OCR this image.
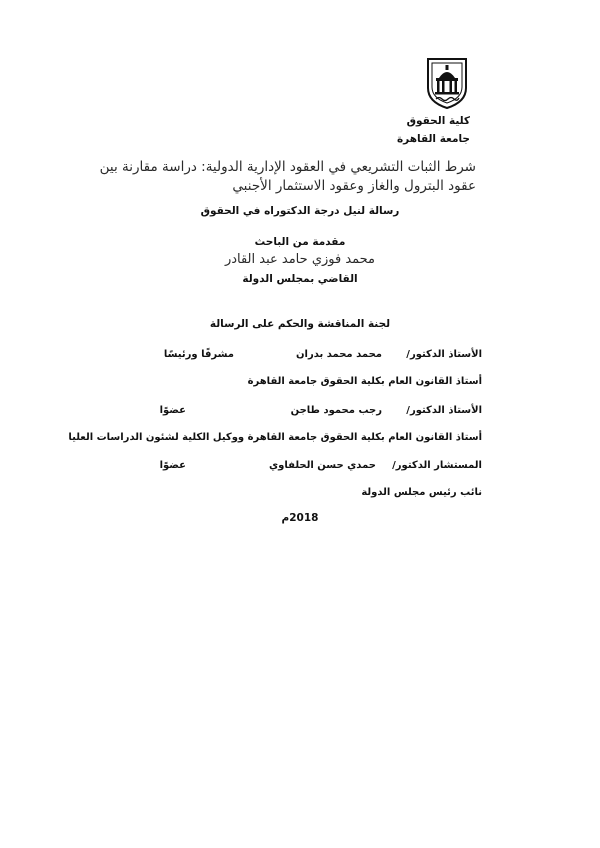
كلية الحقوق
جامعة القاهرة
شرط الثبات التشريعي في العقود الإدارية الدولية: دراسة مقارنة بين
عقود البترول والغاز وعقود الاستثمار الأجنبي
رسالة لنيل درجة الدكتوراه في الحقوق
مقدمة من الباحث
محمد فوزي حامد عبد القادر
القاضي بمجلس الدولة
لجنة المناقشة والحكم على الرسالة
الأستاذ الدكتور/
محمد محمد بدران
مشرفًا ورئيسًا
أستاذ القانون العام بكلية الحقوق جامعة القاهرة
الأستاذ الدكتور/
رجب محمود طاجن
عضوًا
أستاذ القانون العام بكلية الحقوق جامعة القاهرة ووكيل الكلية لشئون الدراسات العليا
المستشار الدكتور/
حمدي حسن الحلفاوي
عضوًا
نائب رئيس مجلس الدولة
2018م
